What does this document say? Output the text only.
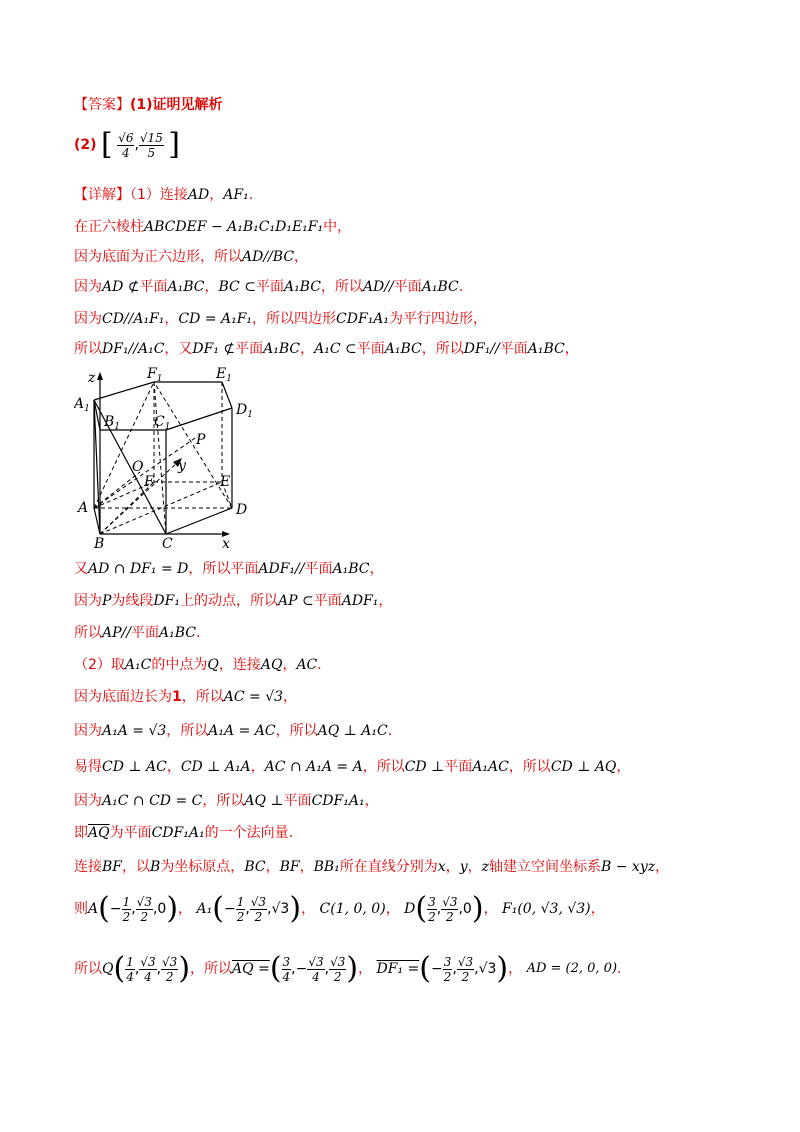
【答案】(1)证明见解析
(2) [ $\frac{√6}{4}$ , $\frac{√15}{5}$ ]
【详解】（1）连接AD，AF₁.
在正六棱柱ABCDEF − A₁B₁C₁D₁E₁F₁中，
因为底面为正六边形，所以AD//BC，
因为AD ⊄平面A₁BC，BC ⊂平面A₁BC，所以AD//平面A₁BC.
因为CD//A₁F₁，CD = A₁F₁，所以四边形CDF₁A₁为平行四边形，
所以DF₁//A₁C，又DF₁ ⊄平面A₁BC，A₁C ⊂平面A₁BC，所以DF₁//平面A₁BC，
z	$F_1$	$E_1$
$A_1$
$B_1$ $C_1$
$D_1$
P
O y
F	E
A	D
B	C	x
又AD ∩ DF₁ = D，所以平面ADF₁//平面A₁BC，
因为P为线段DF₁上的动点，所以AP ⊂平面ADF₁，
所以AP//平面A₁BC.
（2）取A₁C的中点为Q，连接AQ，AC.
因为底面边长为1，所以AC = √3，
因为A₁A = √3，所以A₁A = AC，所以AQ ⊥ A₁C.
易得CD ⊥ AC，CD ⊥ A₁A，AC ∩ A₁A = A，所以CD ⊥平面A₁AC，所以CD ⊥ AQ，
因为A₁C ∩ CD = C，所以AQ ⊥平面CDF₁A₁，
即$\overline{AQ}$为平面CDF₁A₁的一个法向量.
连接BF，以B为坐标原点，BC，BF，BB₁所在直线分别为x，y，z轴建立空间坐标系B − xyz，
则$A(- \frac{1}{2}$ , $\frac{√3}{2} ,0$)， $A_1(- \frac{1}{2}$ , $\frac{√3}{2} ,√3$)， C(1, 0, 0)， $D( \frac{3}{2}$ , $\frac{√3}{2} ,0$)， F₁(0, √3, √3)，
所以$Q( \frac{1}{4}$ , $\frac{√3}{4}$ , $\frac{√3}{2}$ )，所以AQ =( $\frac{3}{4}$ ,− $\frac{√3}{4}$ , $\frac{√3}{2}$ )， DF₁ =(− $\frac{3}{2}$ , $\frac{√3}{2} ,√3$)， AD = (2, 0, 0).
